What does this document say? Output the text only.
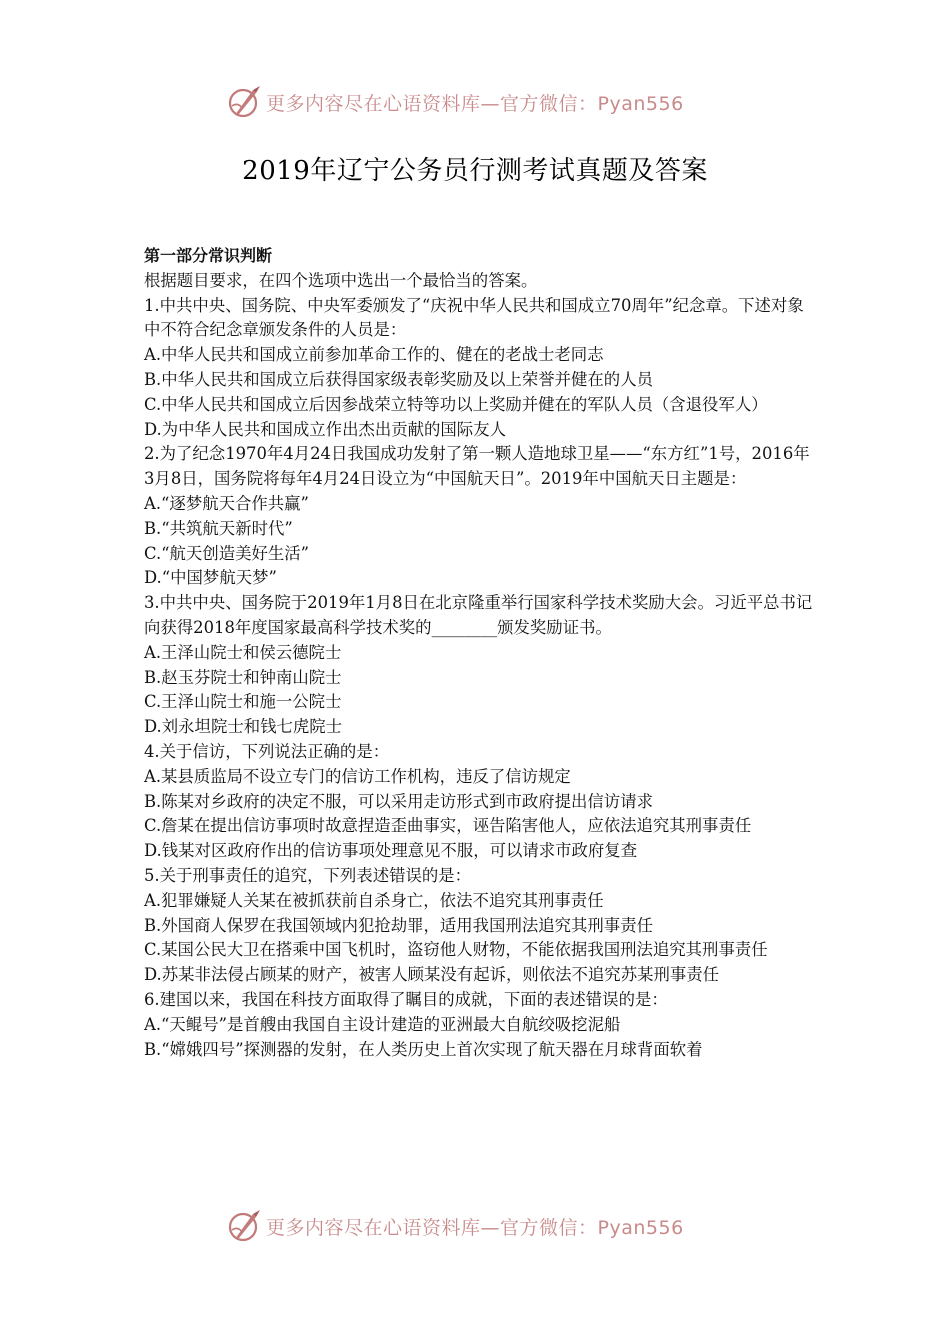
更多内容尽在心语资料库—官方微信：Pyan556
2019年辽宁公务员行测考试真题及答案

第一部分常识判断

根据题目要求，在四个选项中选出一个最恰当的答案。

1.中共中央、国务院、中央军委颁发了“庆祝中华人民共和国成立70周年”纪念章。下述对象中不符合纪念章颁发条件的人员是：

A.中华人民共和国成立前参加革命工作的、健在的老战士老同志

B.中华人民共和国成立后获得国家级表彰奖励及以上荣誉并健在的人员

C.中华人民共和国成立后因参战荣立特等功以上奖励并健在的军队人员（含退役军人）

D.为中华人民共和国成立作出杰出贡献的国际友人

2.为了纪念1970年4月24日我国成功发射了第一颗人造地球卫星——“东方红”1号，2016年3月8日，国务院将每年4月24日设立为“中国航天日”。2019年中国航天日主题是：

A.“逐梦航天合作共赢”

B.“共筑航天新时代”

C.“航天创造美好生活”

D.“中国梦航天梦”

3.中共中央、国务院于2019年1月8日在北京隆重举行国家科学技术奖励大会。习近平总书记向获得2018年度国家最高科学技术奖的________颁发奖励证书。

A.王泽山院士和侯云德院士

B.赵玉芬院士和钟南山院士

C.王泽山院士和施一公院士

D.刘永坦院士和钱七虎院士

4.关于信访，下列说法正确的是：

A.某县质监局不设立专门的信访工作机构，违反了信访规定

B.陈某对乡政府的决定不服，可以采用走访形式到市政府提出信访请求

C.詹某在提出信访事项时故意捏造歪曲事实，诬告陷害他人，应依法追究其刑事责任

D.钱某对区政府作出的信访事项处理意见不服，可以请求市政府复查

5.关于刑事责任的追究，下列表述错误的是：

A.犯罪嫌疑人关某在被抓获前自杀身亡，依法不追究其刑事责任

B.外国商人保罗在我国领域内犯抢劫罪，适用我国刑法追究其刑事责任

C.某国公民大卫在搭乘中国飞机时，盗窃他人财物，不能依据我国刑法追究其刑事责任

D.苏某非法侵占顾某的财产，被害人顾某没有起诉，则依法不追究苏某刑事责任

6.建国以来，我国在科技方面取得了瞩目的成就，下面的表述错误的是：

A.“天鲲号”是首艘由我国自主设计建造的亚洲最大自航绞吸挖泥船

B.“嫦娥四号”探测器的发射，在人类历史上首次实现了航天器在月球背面软着

更多内容尽在心语资料库—官方微信：Pyan556
